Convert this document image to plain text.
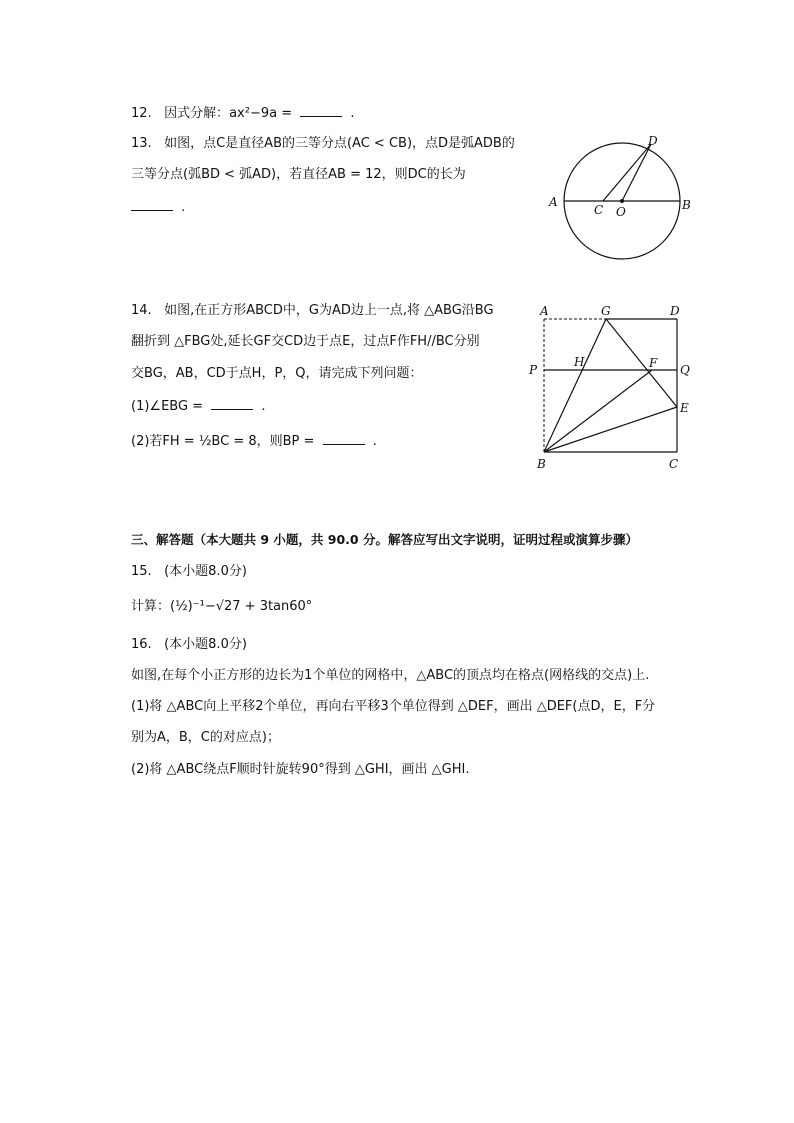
12. 因式分解：ax²−9a =	.
13. 如图，点C是直径AB的三等分点(AC < CB)，点D是弧ADB的
三等分点(弧BD < 弧AD)，若直径AB = 12，则DC的长为
.	A	B
C O
D
14. 如图,在正方形ABCD中，G为AD边上一点,将 △ABG沿BG
翻折到 △FBG处,延长GF交CD边于点E，过点F作FH//BC分别
交BG，AB，CD于点H，P，Q，请完成下列问题：
(1)∠EBG =	.
(2)若FH = ½BC = 8，则BP =	.
A	G	D
P
H	F Q
E
B	C
三、解答题（本大题共 9 小题，共 90.0 分。解答应写出文字说明，证明过程或演算步骤）
15. (本小题8.0分)
计算：(½)⁻¹−√27 + 3tan60°
16. (本小题8.0分)
如图,在每个小正方形的边长为1个单位的网格中，△ABC的顶点均在格点(网格线的交点)上.
(1)将 △ABC向上平移2个单位，再向右平移3个单位得到 △DEF，画出 △DEF(点D，E，F分
别为A，B，C的对应点)；
(2)将 △ABC绕点F顺时针旋转90°得到 △GHI，画出 △GHI.
